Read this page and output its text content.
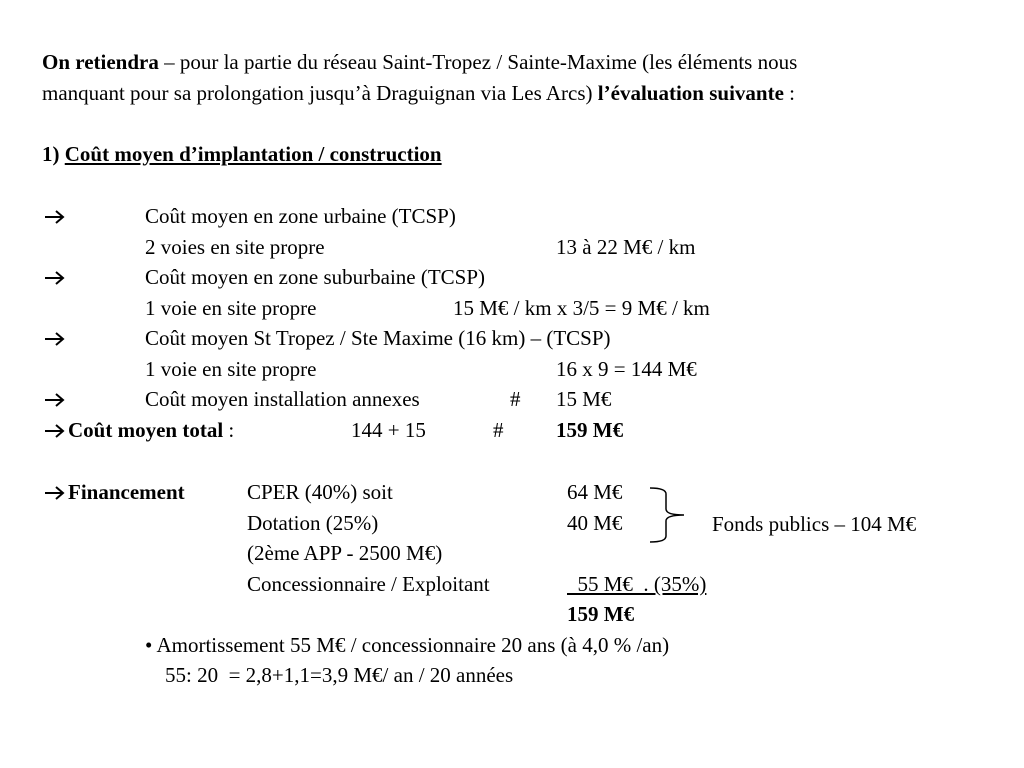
On retiendra – pour la partie du réseau Saint-Tropez / Sainte-Maxime (les éléments nous
manquant pour sa prolongation jusqu’à Draguignan via Les Arcs) l’évaluation suivante :
1) Coût moyen d’implantation / construction
Coût moyen en zone urbaine (TCSP)
2 voies en site propre	13 à 22 M€ / km
Coût moyen en zone suburbaine (TCSP)
1 voie en site propre	15 M€ / km x 3/5 = 9 M€ / km
Coût moyen St Tropez / Ste Maxime (16 km) – (TCSP)
1 voie en site propre	16 x 9 = 144 M€
Coût moyen installation annexes	# 15 M€
Coût moyen total :	144 + 15	#	159 M€
Financement	CPER (40%) soit	64 M€
Dotation (25%)	40 M€
(2ème APP - 2500 M€)
Concessionnaire / Exploitant	55 M€  . (35%)
159 M€
Fonds publics – 104 M€
• Amortissement 55 M€ / concessionnaire 20 ans (à 4,0 % /an)
55: 20  = 2,8+1,1=3,9 M€/ an / 20 années
